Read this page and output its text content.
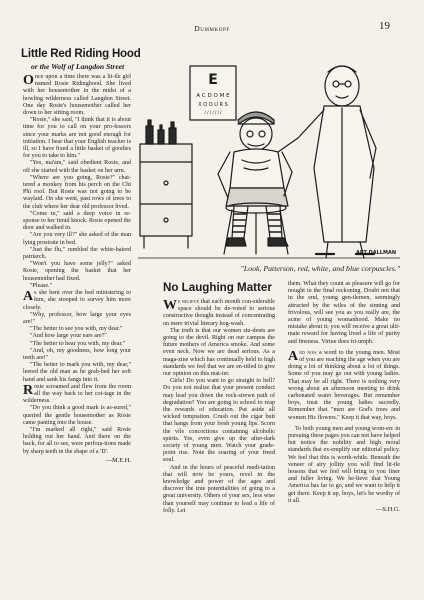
Dummkopf	19
Little Red Riding Hood
or the Wolf of Langdon Street

Once upon a time there was a lit-tle girl named Rosie Ridinghood. She lived with her housemother in the midst of a howling wilderness called Langdon Street. One day Rosie's housemother called her down to her sitting room.

"Rosie," she said, "I think that it is about time for you to call on your pro-fessors since your marks are not good enough for initiation. I hear that your English teacher is ill, so I have fixed a little basket of goodies for you to take to him."

"Yes, ma'am," said obedient Rosie, and off she started with the basket on her arm.

"Where are you going, Rosie?" chat-tered a monkey from his perch on the Chi Phi roof. But Rosie was not going to be waylaid. On she went, past rows of trees to the club where her dear old professor lived.

"Come in," said a deep voice in re-sponse to her timid knock. Rosie opened the door and walked in.

"Are you very ill?" she asked of the man lying prostrate in bed.

"Just the flu," rumbled the white-haired patriarch.

"Won't you have some jelly?" asked Rosie, opening the basket that her housemother had fixed.

"Please."

As she bent over the bed ministering to him, she stooped to survey him more closely.

"Why, professor, how large your eyes are!"

"The better to see you with, my dear."

"And how large your ears are?"

"The better to hear you with, my dear."

"And, oh, my goodness, how long your teeth are!"

"The better to mark you with, my dear," leered the old man as he grab-bed her soft hand and sank his fangs into it.

Rosie screamed and flew from the room all the way back to her cot-tage in the wilderness.

"Do you think a good mark is as-sured," queried the gentle housemother as Rosie came panting into the house.

"I'm marked all right," said Rosie holding out her hand. And there on the back, for all to see, were perfora-tions made by sharp teeth in the shape of a 'D'.

—M.E.H.
E
A C D O M E
X Q O U R S
/ / / / / / /
ART DALLMAN
"Look, Patterson, red, white, and blue corpuscles."
No Laughing Matter

We believe that each month con-siderable space should be de-voted to serious constructive thought instead of concentrating on mere trivial literary hog-wash.

The truth is that our women stu-dents are going to the devil. Right on our campus the future mothers of America smoke. And some even neck. Now we are dead serious. As a maga-zine which has continually held to high standards we feel that we are en-titled to give our opinion on this mat-ter.

Girls! Do you want to go straight to hell? Do you not realize that your present conduct may lead you down the rock-strewn path of degradation? You are going to school to reap the rewards of education. Put aside all wicked temptation. Crush out the cigar butt that hangs from your fresh young lips. Scorn the vile concoctions containing alcoholic spirits. Yes, even give up the after-dark society of young men. Watch your grade-point rise. Note the soaring of your freed soul.

And in the hours of peaceful medi-tation that will now be yours, revel in the knowledge and power of the ages and discover the true potentialities of going to a great university. Others of your sex, less wise than yourself may continue to lead a life of folly. Let

them. What they count as pleasure will go for nought in the final reckoning. Doubt not that in the end, young gen-tlemen, seemingly attracted by the wiles of the sinning and frivolous, will see you as you really are, the acme of young womanhood. Make no mistake about it; you will receive a great ulti-mate reward for having lived a life of purity and fineness. Virtue does tri-umph.

And now a word to the young men. Most of you are reaching the age when you are doing a lot of thinking about a lot of things. Some of you may go out with young ladies. That may be all right. There is nothing very wrong about an afternoon meeting to drink carbonated water beverages. But remember boys, treat the young ladies sacredly. Remember that "men are God's trees and women His flowers." Keep it that way, boys.

To both young men and young wom-en: in pursuing these pages you can not have helped but notice the nobility and high moral standards that ex-emplify our editorial policy. We feel that this is worth-while. Beneath the veneer of airy jollity you will find lit-tle lessons that we feel will bring to you finer and fuller living. We be-lieve that Young America has far to go, and we want to help it get there. Keep it up, boys, let's be worthy of it all.

—S.H.G.
